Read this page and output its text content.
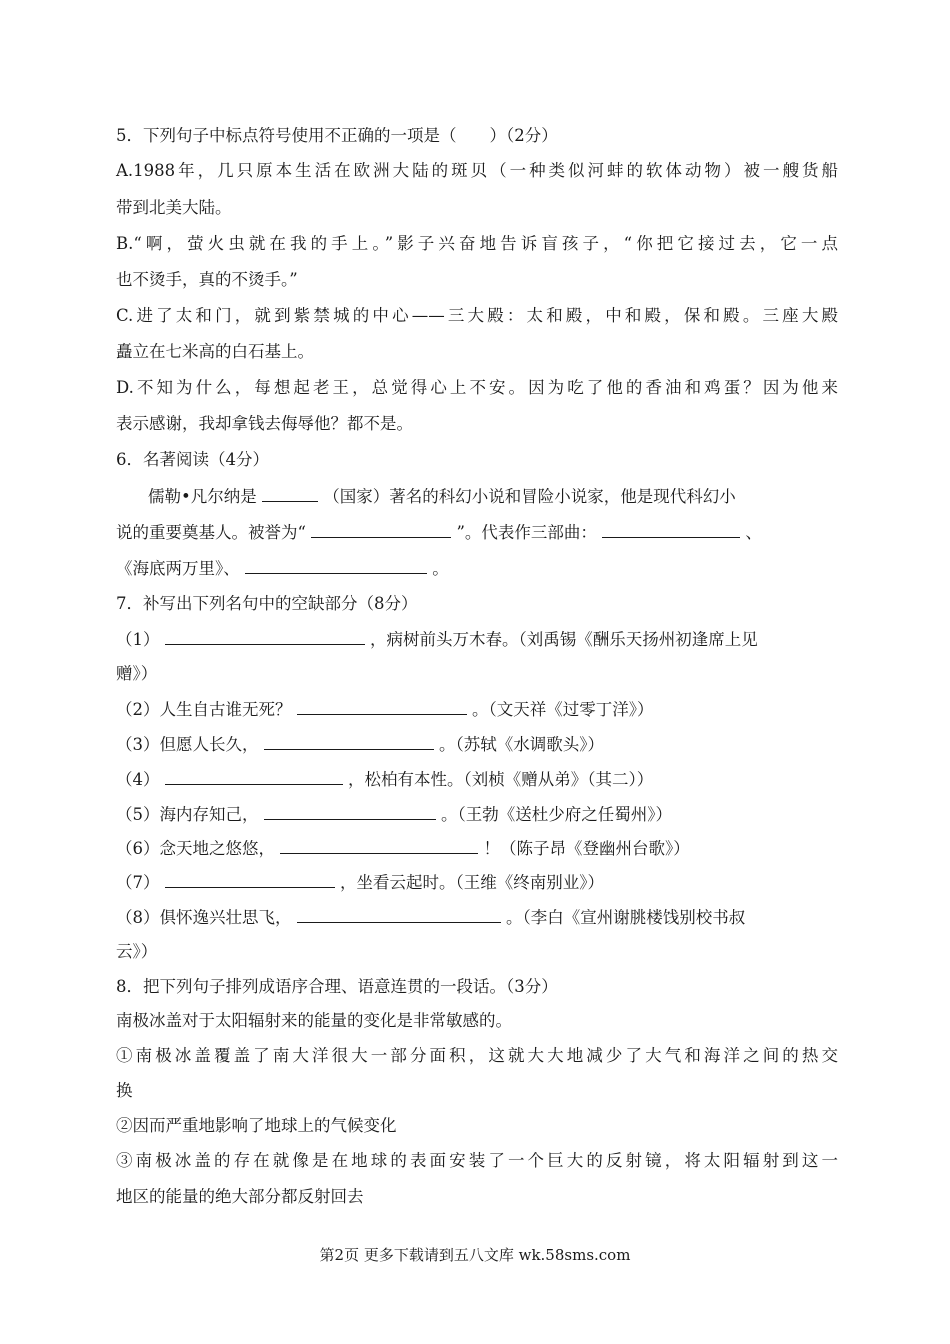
5．下列句子中标点符号使用不正确的一项是（　　）（2分）
A.1988年，几只原本生活在欧洲大陆的斑贝（一种类似河蚌的软体动物）被一艘货船
带到北美大陆。
B.“啊，萤火虫就在我的手上。”影子兴奋地告诉盲孩子，“你把它接过去，它一点
也不烫手，真的不烫手。”
C.进了太和门，就到紫禁城的中心——三大殿：太和殿，中和殿，保和殿。三座大殿
矗立在七米高的白石基上。
D.不知为什么，每想起老王，总觉得心上不安。因为吃了他的香油和鸡蛋？因为他来
表示感谢，我却拿钱去侮辱他？都不是。
6．名著阅读（4分）
儒勒•凡尔纳是	（国家）著名的科幻小说和冒险小说家，他是现代科幻小
说的重要奠基人。被誉为“	”。代表作三部曲：	、
《海底两万里》、	。
7．补写出下列名句中的空缺部分（8分）
（1）	，病树前头万木春。（刘禹锡《酬乐天扬州初逢席上见
赠》）
（2）人生自古谁无死？	。（文天祥《过零丁洋》）
（3）但愿人长久，	。（苏轼《水调歌头》）
（4）	，松柏有本性。（刘桢《赠从弟》（其二））
（5）海内存知己，	。（王勃《送杜少府之任蜀州》）
（6）念天地之悠悠，	！（陈子昂《登幽州台歌》）
（7）	，坐看云起时。（王维《终南别业》）
（8）俱怀逸兴壮思飞，	。（李白《宣州谢朓楼饯别校书叔
云》）
8．把下列句子排列成语序合理、语意连贯的一段话。（3分）
南极冰盖对于太阳辐射来的能量的变化是非常敏感的。
①南极冰盖覆盖了南大洋很大一部分面积，这就大大地减少了大气和海洋之间的热交
换
②因而严重地影响了地球上的气候变化
③南极冰盖的存在就像是在地球的表面安装了一个巨大的反射镜，将太阳辐射到这一
地区的能量的绝大部分都反射回去
第2页 更多下载请到五八文库 wk.58sms.com
